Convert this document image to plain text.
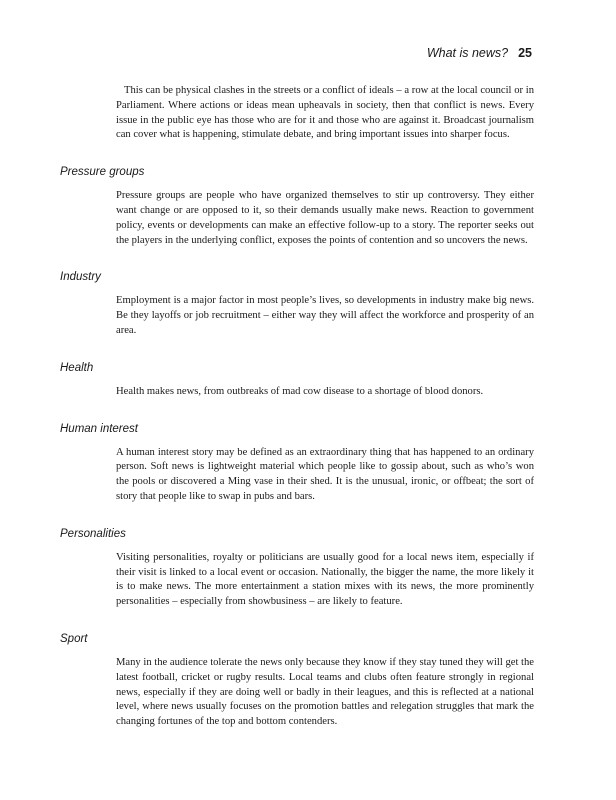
What is news? 25

This can be physical clashes in the streets or a conflict of ideals – a row at the local council or in Parliament. Where actions or ideas mean upheavals in society, then that conflict is news. Every issue in the public eye has those who are for it and those who are against it. Broadcast journalism can cover what is happening, stimulate debate, and bring important issues into sharper focus.

Pressure groups

Pressure groups are people who have organized themselves to stir up controversy. They either want change or are opposed to it, so their demands usually make news. Reaction to government policy, events or developments can make an effective follow-up to a story. The reporter seeks out the players in the underlying conflict, exposes the points of contention and so uncovers the news.

Industry

Employment is a major factor in most people’s lives, so developments in industry make big news. Be they layoffs or job recruitment – either way they will affect the workforce and prosperity of an area.

Health

Health makes news, from outbreaks of mad cow disease to a shortage of blood donors.

Human interest

A human interest story may be defined as an extraordinary thing that has happened to an ordinary person. Soft news is lightweight material which people like to gossip about, such as who’s won the pools or discovered a Ming vase in their shed. It is the unusual, ironic, or offbeat; the sort of story that people like to swap in pubs and bars.

Personalities

Visiting personalities, royalty or politicians are usually good for a local news item, especially if their visit is linked to a local event or occasion. Nationally, the bigger the name, the more likely it is to make news. The more entertainment a station mixes with its news, the more prominently personalities – especially from showbusiness – are likely to feature.

Sport

Many in the audience tolerate the news only because they know if they stay tuned they will get the latest football, cricket or rugby results. Local teams and clubs often feature strongly in regional news, especially if they are doing well or badly in their leagues, and this is reflected at a national level, where news usually focuses on the promotion battles and relegation struggles that mark the changing fortunes of the top and bottom contenders.
